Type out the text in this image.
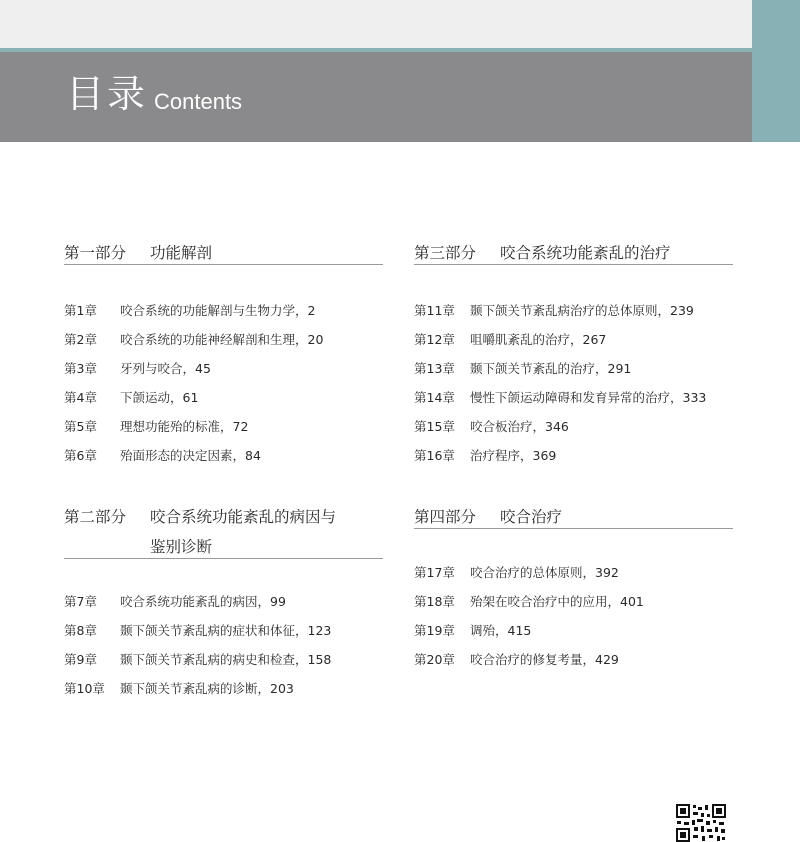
目录 Contents
第一部分 功能解剖
第1章 咬合系统的功能解剖与生物力学，2
第2章 咬合系统的功能神经解剖和生理，20
第3章 牙列与咬合，45
第4章 下颌运动，61
第5章 理想功能殆的标准，72
第6章 殆面形态的决定因素，84
第二部分 咬合系统功能紊乱的病因与
鉴别诊断
第7章 咬合系统功能紊乱的病因，99
第8章 颞下颌关节紊乱病的症状和体征，123
第9章 颞下颌关节紊乱病的病史和检查，158
第10章 颞下颌关节紊乱病的诊断，203
第三部分 咬合系统功能紊乱的治疗
第11章 颞下颌关节紊乱病治疗的总体原则，239
第12章 咀嚼肌紊乱的治疗，267
第13章 颞下颌关节紊乱的治疗，291
第14章 慢性下颌运动障碍和发育异常的治疗，333
第15章 咬合板治疗，346
第16章 治疗程序，369
第四部分 咬合治疗
第17章 咬合治疗的总体原则，392
第18章 殆架在咬合治疗中的应用，401
第19章 调殆，415
第20章 咬合治疗的修复考量，429
